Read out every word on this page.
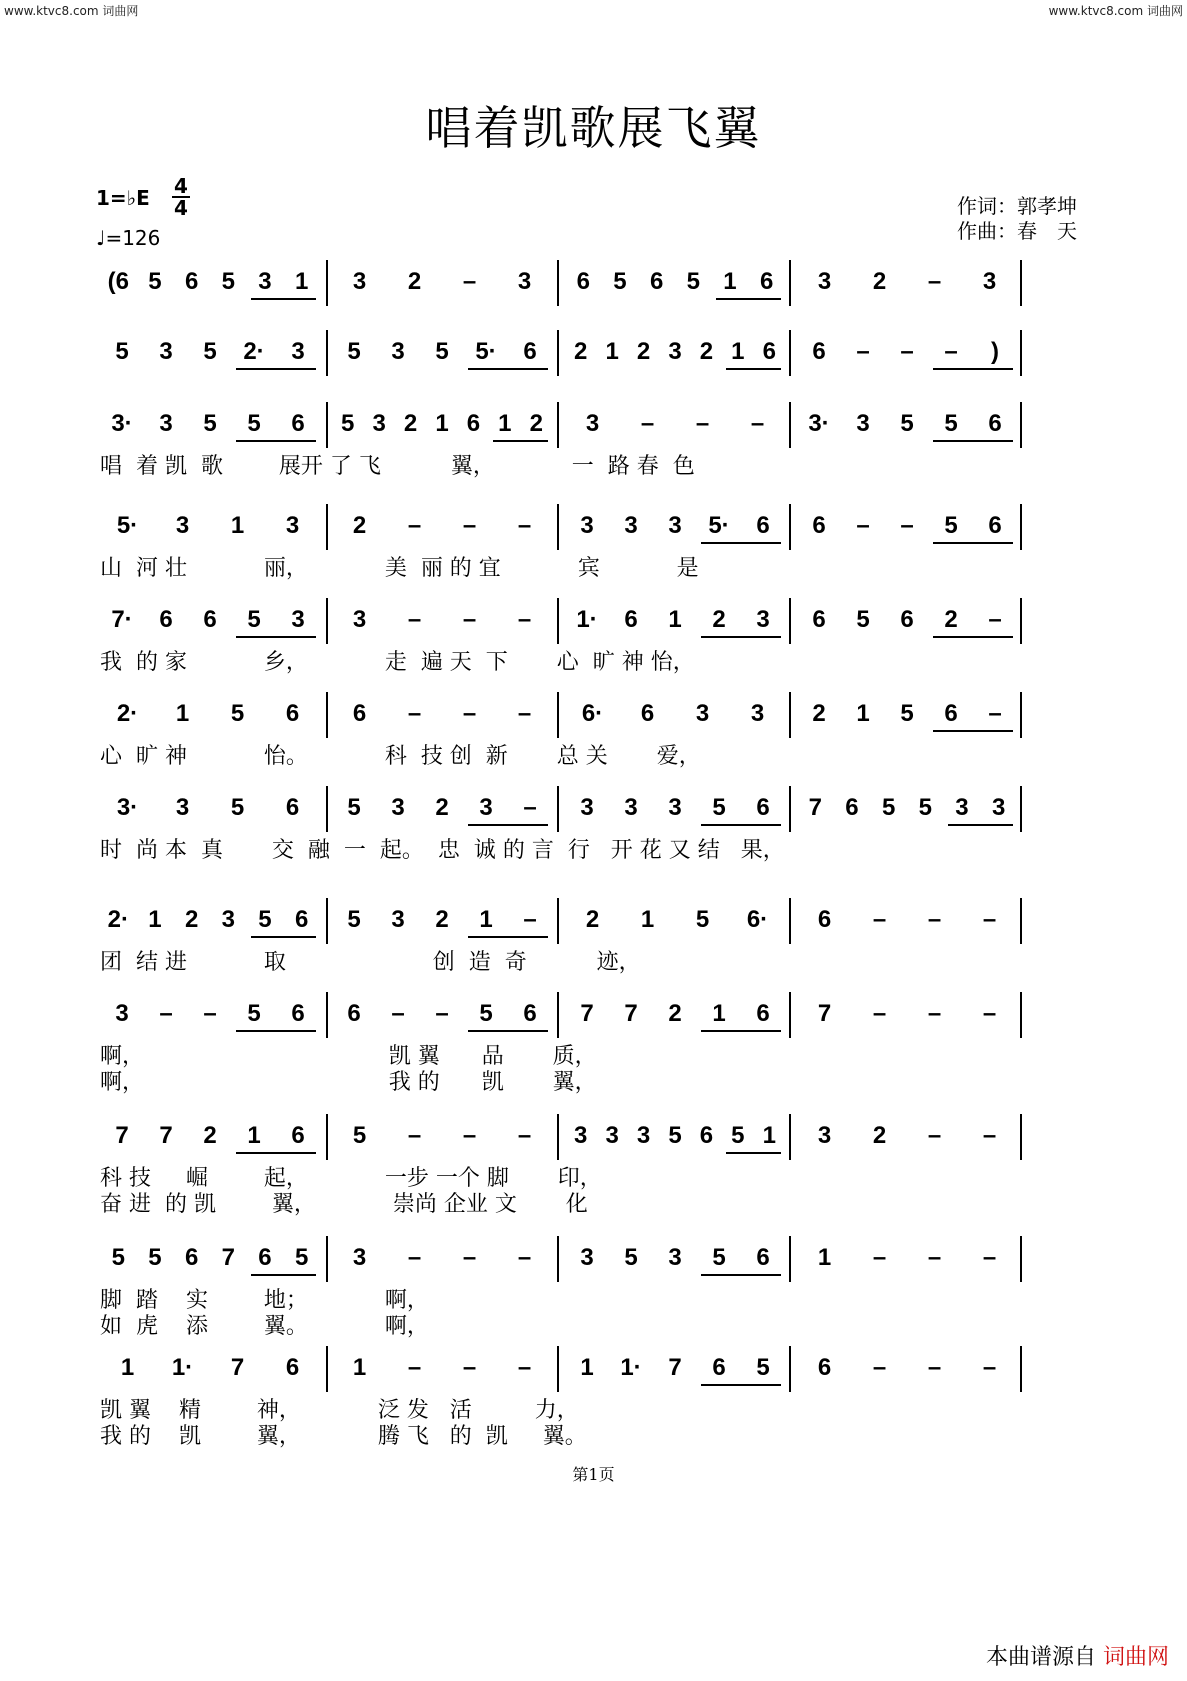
www.ktvc8.com 词曲网	www.ktvc8.com 词曲网
唱着凯歌展飞翼
1=♭E 4
4
♩=126
作词：郭孝坤
作曲：春　天
(6 5 6 5 3 1	3	2	–	3	6 5 6 5 1 6	3	2	–	3
5	3	5	2·	3	5	3	5	5·	6	2 1 2 3 2 1 6	6	–	–	–	)
3·	3	5	5	6	5 3 2 1 6 1 2	3	–	–	–	3·	3	5	5	6
唱  着 凯  歌        展开 了 飞          翼，           一  路 春  色
5·	3	1	3	2	–	–	–	3	3	3	5·	6	6	–	–	5	6
山  河 壮           丽，           美  丽 的 宜           宾           是
7·	6	6	5	3	3	–	–	–	1·	6	1	2	3	6	5	6	2	–
我  的 家           乡，           走  遍 天  下       心  旷 神 怡，
2·	1	5	6	6	–	–	–	6·	6	3	3	2	1	5	6	–
心  旷 神           怡。           科  技 创  新       总 关       爱，
3·	3	5	6	5	3	2	3	–	3	3	3	5	6	7 6 5 5 3 3
时  尚 本  真       交  融  一  起。  忠  诚 的 言  行   开 花 又 结   果，
2· 1 2 3 5 6	5	3	2	1	–	2	1	5	6·	6	–	–	–
团  结 进           取                     创  造  奇          迹，
3	–	–	5	6	6	–	–	5	6	7	7	2	1	6	7	–	–	–
啊，                                   凯 翼      品       质，
啊，                                   我 的      凯       翼，
7	7	2	1	6	5	–	–	–	3 3 3 5 6 5 1	3	2	–	–
科 技     崛        起，           一步 一个 脚       印，
奋 进  的 凯        翼，           崇尚 企业 文       化
5 5 6 7 6 5	3	–	–	–	3	5	3	5	6	1	–	–	–
脚  踏    实        地；           啊，
如  虎    添        翼。           啊，
1	1·	7	6	1	–	–	–	1	1·	7	6	5	6	–	–	–
凯 翼    精        神，           泛 发   活         力，
我 的    凯        翼，           腾 飞   的  凯     翼。
第1页
本曲谱源自 词曲网
